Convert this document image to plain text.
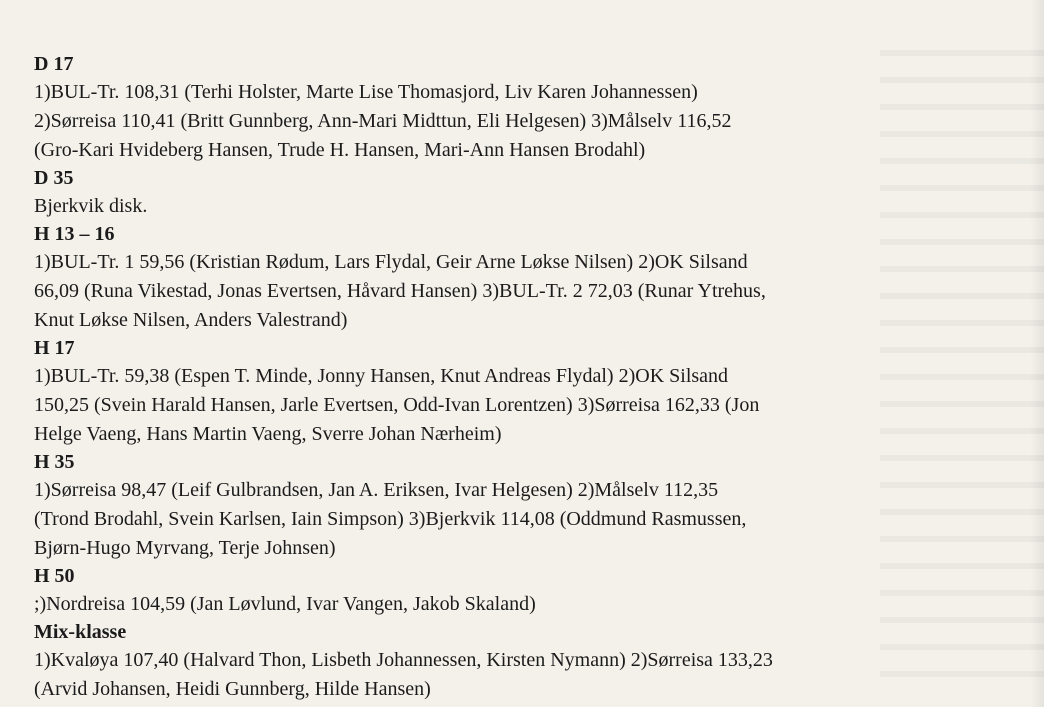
D 17
1)BUL-Tr. 108,31 (Terhi Holster, Marte Lise Thomasjord, Liv Karen Johannessen)
2)Sørreisa 110,41 (Britt Gunnberg, Ann-Mari Midttun, Eli Helgesen) 3)Målselv 116,52
(Gro-Kari Hvideberg Hansen, Trude H. Hansen, Mari-Ann Hansen Brodahl)
D 35
Bjerkvik disk.
H 13 – 16
1)BUL-Tr. 1 59,56 (Kristian Rødum, Lars Flydal, Geir Arne Løkse Nilsen) 2)OK Silsand
66,09 (Runa Vikestad, Jonas Evertsen, Håvard Hansen) 3)BUL-Tr. 2 72,03 (Runar Ytrehus,
Knut Løkse Nilsen, Anders Valestrand)
H 17
1)BUL-Tr. 59,38 (Espen T. Minde, Jonny Hansen, Knut Andreas Flydal) 2)OK Silsand
150,25 (Svein Harald Hansen, Jarle Evertsen, Odd-Ivan Lorentzen) 3)Sørreisa 162,33 (Jon
Helge Vaeng, Hans Martin Vaeng, Sverre Johan Nærheim)
H 35
1)Sørreisa 98,47 (Leif Gulbrandsen, Jan A. Eriksen, Ivar Helgesen) 2)Målselv 112,35
(Trond Brodahl, Svein Karlsen, Iain Simpson) 3)Bjerkvik 114,08 (Oddmund Rasmussen,
Bjørn-Hugo Myrvang, Terje Johnsen)
H 50
;)Nordreisa 104,59 (Jan Løvlund, Ivar Vangen, Jakob Skaland)
Mix-klasse
1)Kvaløya 107,40 (Halvard Thon, Lisbeth Johannessen, Kirsten Nymann) 2)Sørreisa 133,23
(Arvid Johansen, Heidi Gunnberg, Hilde Hansen)
